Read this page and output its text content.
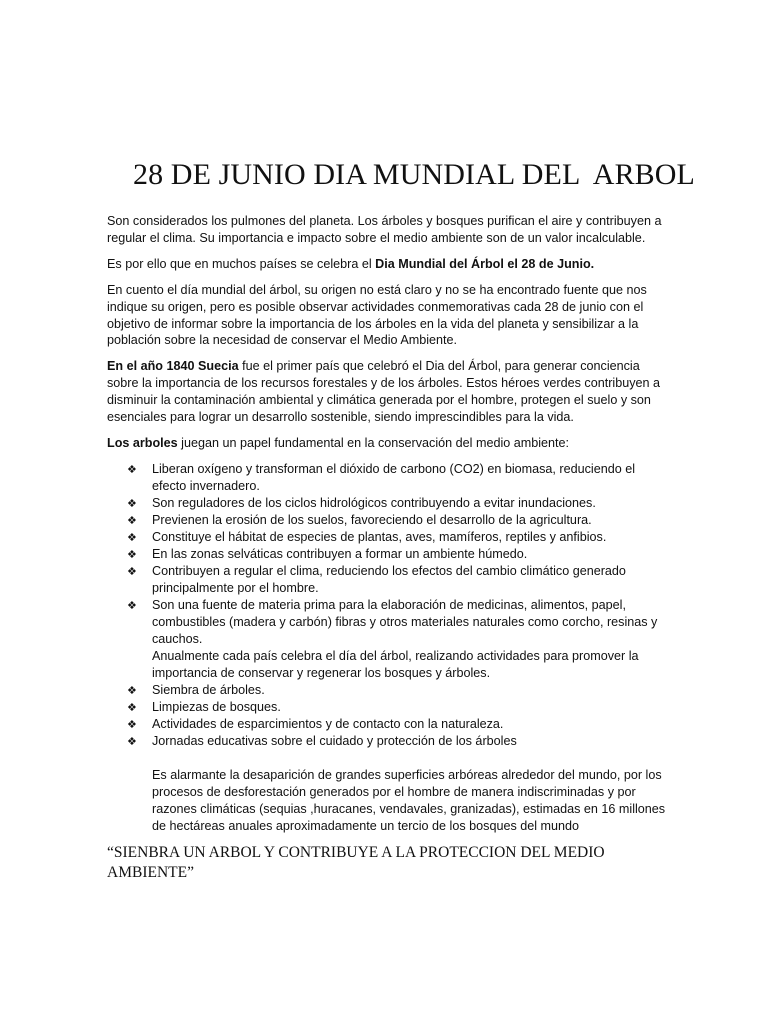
28 DE JUNIO DIA MUNDIAL DEL  ARBOL

Son considerados los pulmones del planeta. Los árboles y bosques purifican el aire y contribuyen a regular el clima. Su importancia e impacto sobre el medio ambiente son de un valor incalculable.

Es por ello que en muchos países se celebra el Dia Mundial del Árbol el 28 de Junio.

En cuento el día mundial del árbol, su origen no está claro y no se ha encontrado fuente que nos indique su origen, pero es posible observar actividades conmemorativas cada 28 de junio con el objetivo de informar sobre la importancia de los árboles en la vida del planeta y sensibilizar a la población sobre la necesidad de conservar el Medio Ambiente.

En el año 1840 Suecia fue el primer país que celebró el Dia del Árbol, para generar conciencia sobre la importancia de los recursos forestales y de los árboles. Estos héroes verdes contribuyen a disminuir la contaminación ambiental y climática generada por el hombre, protegen el suelo y son esenciales para lograr un desarrollo sostenible, siendo imprescindibles para la vida.

Los arboles juegan un papel fundamental en la conservación del medio ambiente:

❖ Liberan oxígeno y transforman el dióxido de carbono (CO2) en biomasa, reduciendo el efecto invernadero.
❖ Son reguladores de los ciclos hidrológicos contribuyendo a evitar inundaciones.
❖ Previenen la erosión de los suelos, favoreciendo el desarrollo de la agricultura.
❖ Constituye el hábitat de especies de plantas, aves, mamíferos, reptiles y anfibios.
❖ En las zonas selváticas contribuyen a formar un ambiente húmedo.
❖ Contribuyen a regular el clima, reduciendo los efectos del cambio climático generado principalmente por el hombre.
❖ Son una fuente de materia prima para la elaboración de medicinas, alimentos, papel, combustibles (madera y carbón) fibras y otros materiales naturales como corcho, resinas y cauchos.

Anualmente cada país celebra el día del árbol, realizando actividades para promover la importancia de conservar y regenerar los bosques y árboles.

❖ Siembra de árboles.
❖ Limpiezas de bosques.
❖ Actividades de esparcimientos y de contacto con la naturaleza.
❖ Jornadas educativas sobre el cuidado y protección de los árboles

Es alarmante la desaparición de grandes superficies arbóreas alrededor del mundo, por los procesos de desforestación generados por el hombre de manera indiscriminadas y por razones climáticas (sequias ,huracanes, vendavales, granizadas), estimadas en 16 millones de hectáreas anuales aproximadamente un tercio de los bosques del mundo

“SIENBRA UN ARBOL Y CONTRIBUYE A LA PROTECCION DEL MEDIO AMBIENTE”
